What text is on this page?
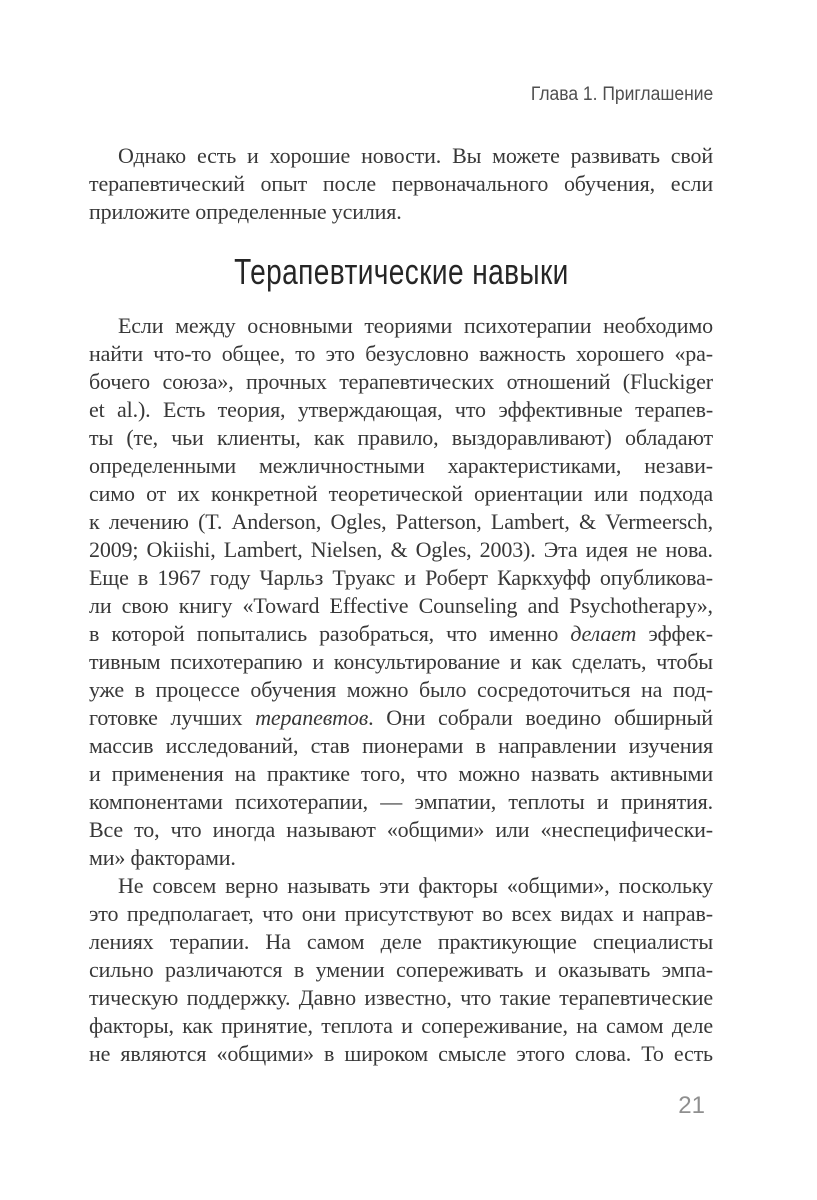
Глава 1. Приглашение
Однако есть и хорошие новости. Вы можете развивать свой
терапевтический опыт после первоначального обучения, если
приложите определенные усилия.
Терапевтические навыки
Если между основными теориями психотерапии необходимо
найти что-то общее, то это безусловно важность хорошего «ра-
бочего союза», прочных терапевтических отношений (Fluckiger
et al.). Есть теория, утверждающая, что эффективные терапев-
ты (те, чьи клиенты, как правило, выздоравливают) обладают
определенными межличностными характеристиками, незави-
симо от их конкретной теоретической ориентации или подхода
к лечению (T. Anderson, Ogles, Patterson, Lambert, & Vermeersch,
2009; Okiishi, Lambert, Nielsen, & Ogles, 2003). Эта идея не нова.
Еще в 1967 году Чарльз Труакс и Роберт Каркхуфф опубликова-
ли свою книгу «Toward Effective Counseling and Psychotherapy»,
в которой попытались разобраться, что именно делает эффек-
тивным психотерапию и консультирование и как сделать, чтобы
уже в процессе обучения можно было сосредоточиться на под-
готовке лучших терапевтов. Они собрали воедино обширный
массив исследований, став пионерами в направлении изучения
и применения на практике того, что можно назвать активными
компонентами психотерапии, — эмпатии, теплоты и принятия.
Все то, что иногда называют «общими» или «неспецифически-
ми» факторами.
Не совсем верно называть эти факторы «общими», поскольку
это предполагает, что они присутствуют во всех видах и направ-
лениях терапии. На самом деле практикующие специалисты
сильно различаются в умении сопереживать и оказывать эмпа-
тическую поддержку. Давно известно, что такие терапевтические
факторы, как принятие, теплота и сопереживание, на самом деле
не являются «общими» в широком смысле этого слова. То есть
21
